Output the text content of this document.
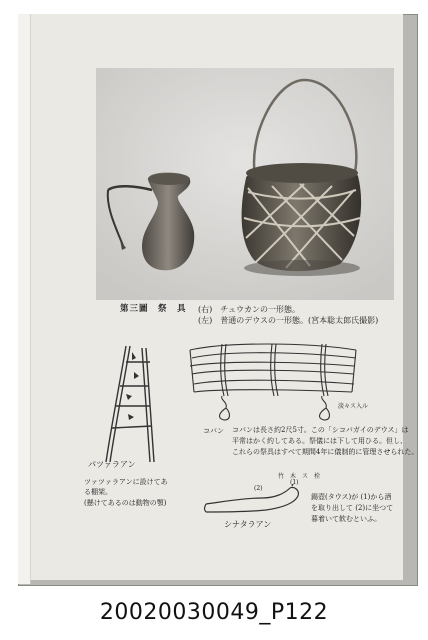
第三圖　祭　具 (右)　チュウカンの一形態。
(左)　普通のデウスの一形態。(宮本聡太郎氏撮影)
パツァラアン
ツァツァラアンに設けてあ
る棚架。
(懸けてあるのは動物の顎)
淡々ス入ル
コバン コバンは長さ約2尺5寸。この「シコバガイのデウス」は
平常はかく約してある。祭儀には下して用ひる。但し、
これらの祭具はすべて期間4年に儀制的に管理させられた。
竹　木　ス　栓
(2)
(1)
シナタラアン
錫壺(タウス)が (1)から酒
を取り出して (2)に坐つて
暮着いて飲むといふ。
20020030049_P122
